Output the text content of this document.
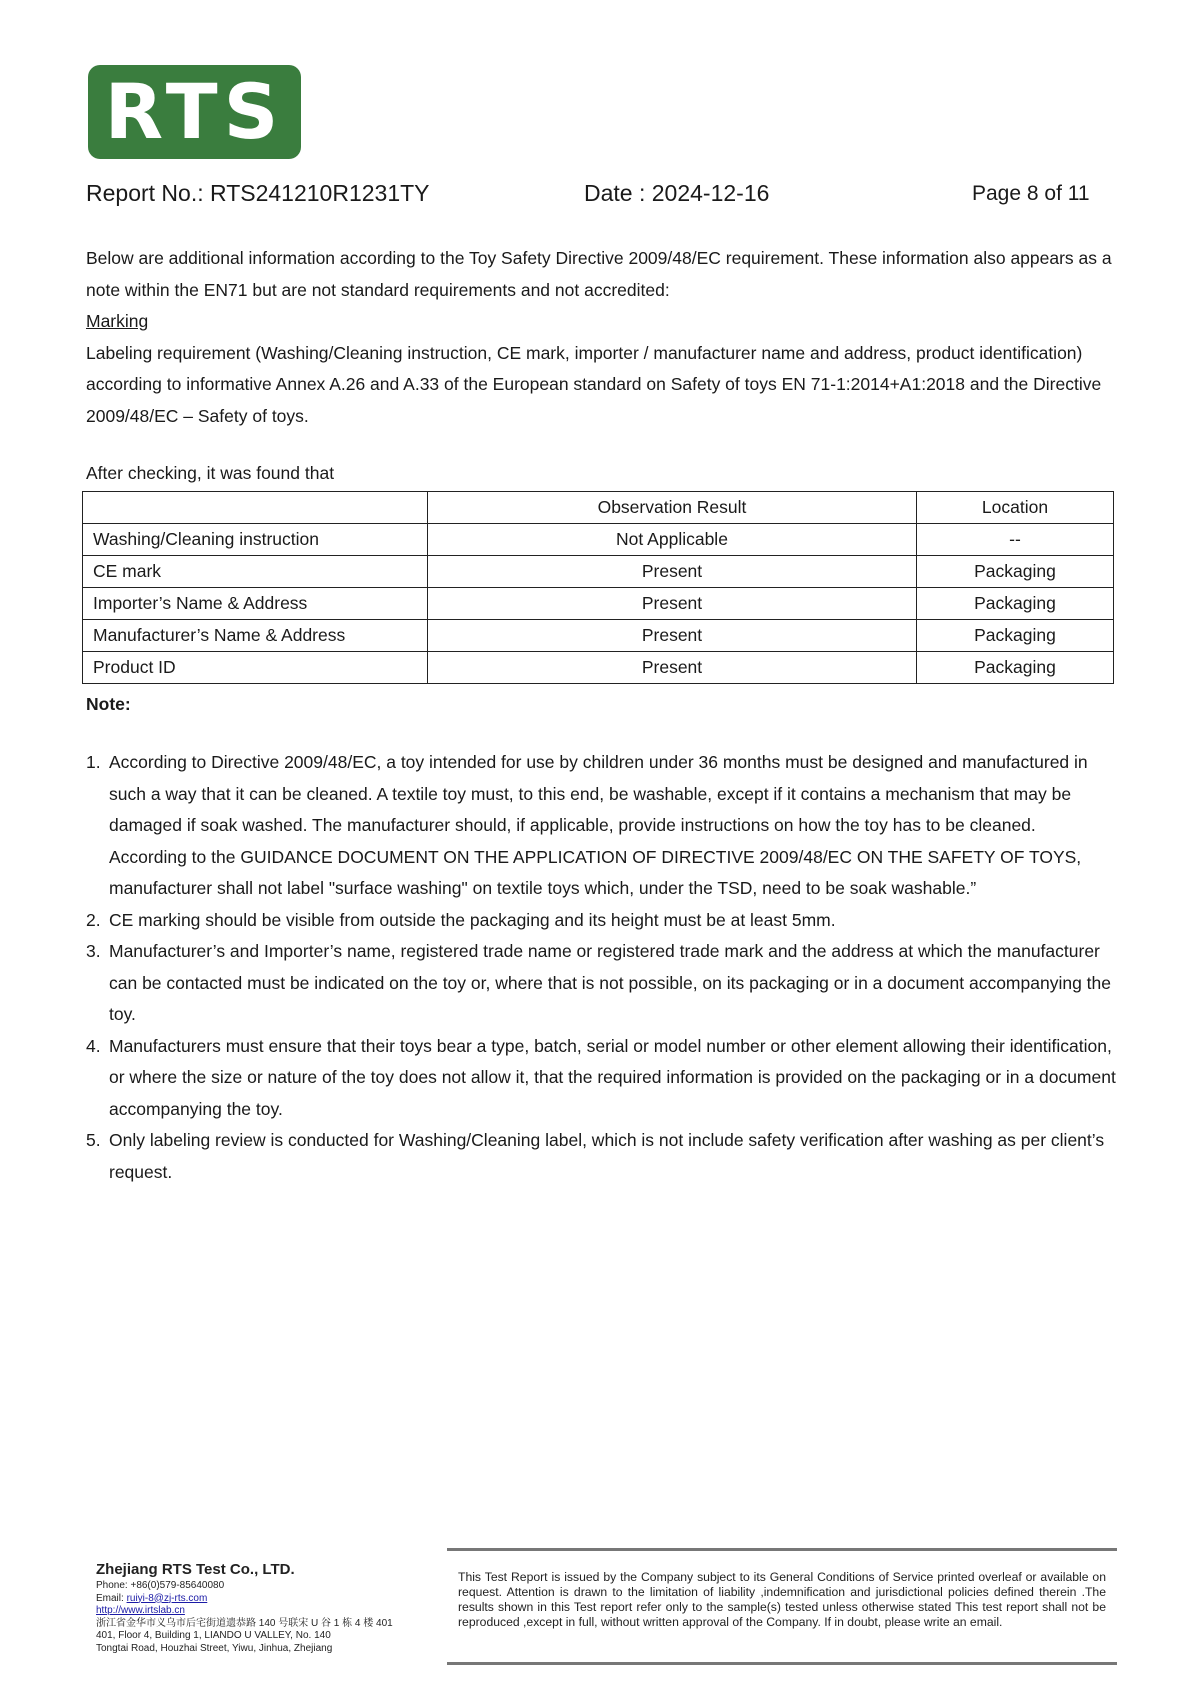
RTS
Report No.: RTS241210R1231TY	Date : 2024-12-16	Page 8 of 11

Below are additional information according to the Toy Safety Directive 2009/48/EC requirement. These information also appears as a note within the EN71 but are not standard requirements and not accredited:

Marking

Labeling requirement (Washing/Cleaning instruction, CE mark, importer / manufacturer name and address, product identification) according to informative Annex A.26 and A.33 of the European standard on Safety of toys EN 71-1:2014+A1:2018 and the Directive 2009/48/EC – Safety of toys.

After checking, it was found that
	Observation Result	Location
Washing/Cleaning instruction	Not Applicable	--
CE mark	Present	Packaging
Importer’s Name & Address	Present	Packaging
Manufacturer’s Name & Address	Present	Packaging
Product ID	Present	Packaging
Note:
1. According to Directive 2009/48/EC, a toy intended for use by children under 36 months must be designed and manufactured in such a way that it can be cleaned. A textile toy must, to this end, be washable, except if it contains a mechanism that may be damaged if soak washed. The manufacturer should, if applicable, provide instructions on how the toy has to be cleaned. According to the GUIDANCE DOCUMENT ON THE APPLICATION OF DIRECTIVE 2009/48/EC ON THE SAFETY OF TOYS, manufacturer shall not label "surface washing" on textile toys which, under the TSD, need to be soak washable.”
2. CE marking should be visible from outside the packaging and its height must be at least 5mm.
3. Manufacturer’s and Importer’s name, registered trade name or registered trade mark and the address at which the manufacturer can be contacted must be indicated on the toy or, where that is not possible, on its packaging or in a document accompanying the toy.
4. Manufacturers must ensure that their toys bear a type, batch, serial or model number or other element allowing their identification, or where the size or nature of the toy does not allow it, that the required information is provided on the packaging or in a document accompanying the toy.
5. Only labeling review is conducted for Washing/Cleaning label, which is not include safety verification after washing as per client’s request.
Zhejiang RTS Test Co., LTD.
Phone: +86(0)579-85640080
Email: ruiyi-8@zj-rts.com
http://www.irtslab.cn
浙江省金华市义乌市后宅街道遗恭路 140 号联宋 U 谷 1 栋 4 楼 401
401, Floor 4, Building 1, LIANDO U VALLEY, No. 140
Tongtai Road, Houzhai Street, Yiwu, Jinhua, Zhejiang
This Test Report is issued by the Company subject to its General Conditions of Service printed overleaf or available on request. Attention is drawn to the limitation of liability ,indemnification and jurisdictional policies defined therein .The results shown in this Test report refer only to the sample(s) tested unless otherwise stated This test report shall not be reproduced ,except in full, without written approval of the Company. If in doubt, please write an email.
